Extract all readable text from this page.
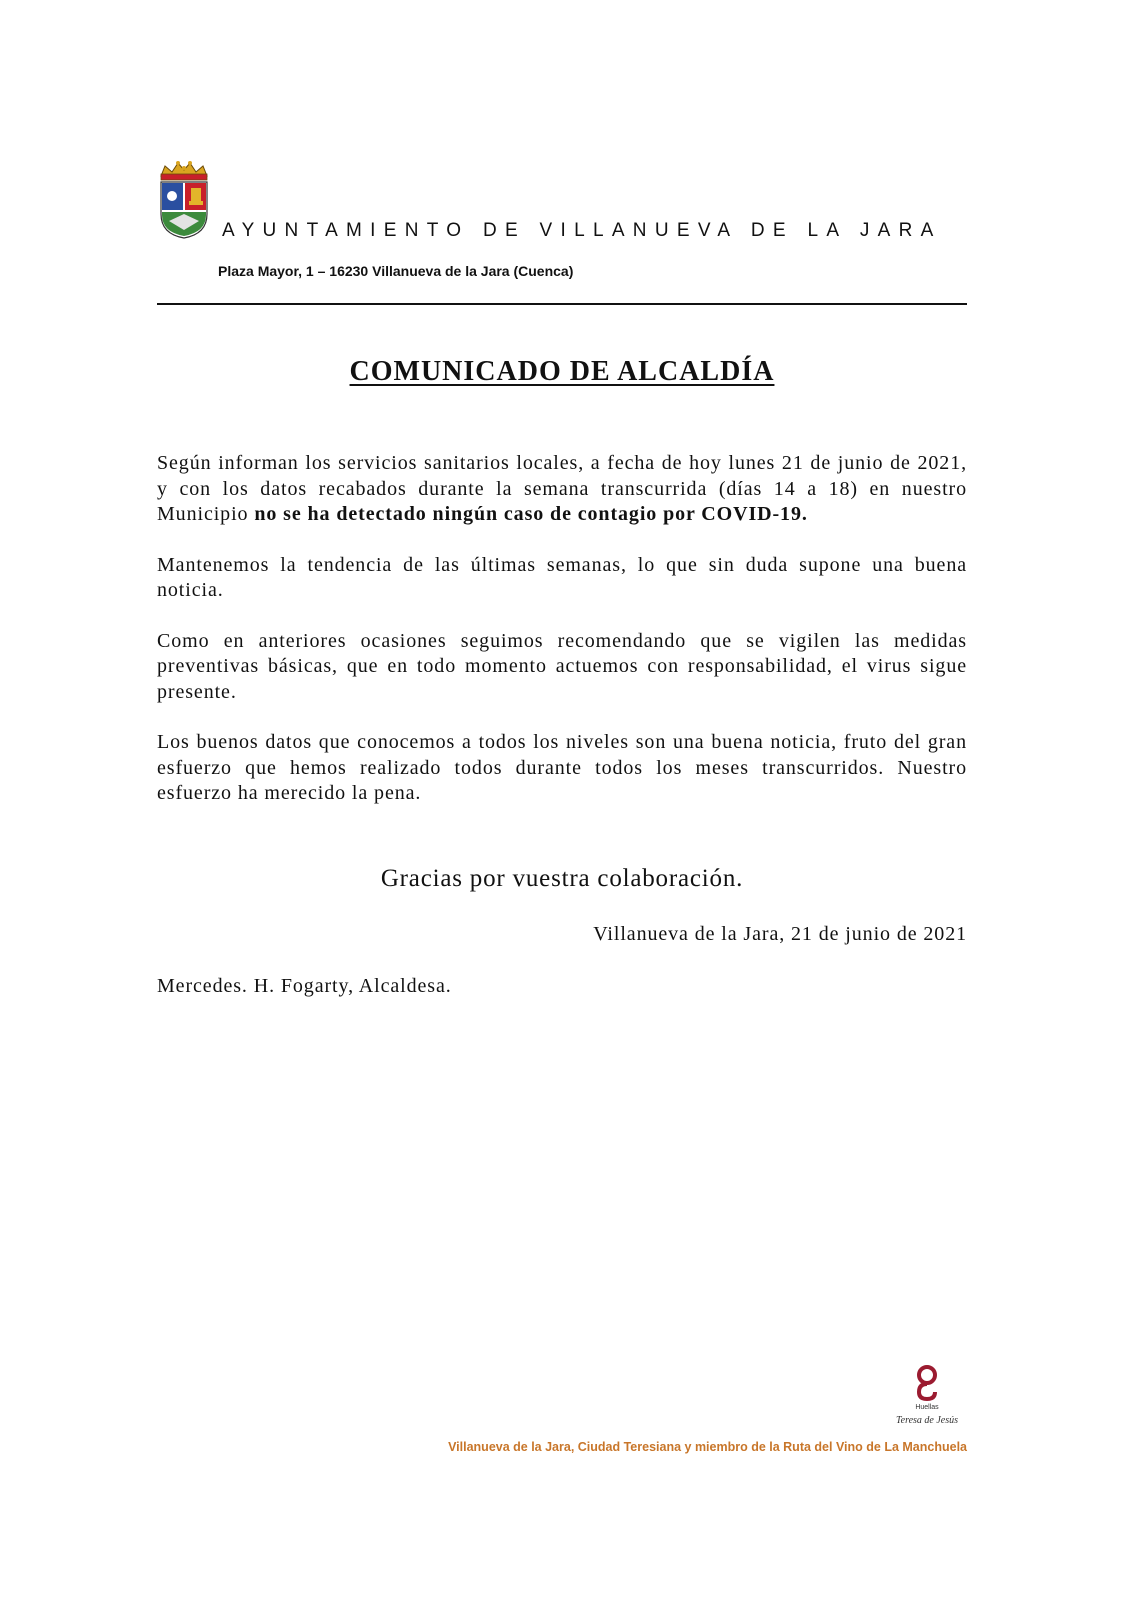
AYUNTAMIENTO DE VILLANUEVA DE LA JARA
Plaza Mayor, 1 – 16230 Villanueva de la Jara (Cuenca)
COMUNICADO DE ALCALDÍA

Según informan los servicios sanitarios locales, a fecha de hoy lunes 21 de junio de 2021, y con los datos recabados durante la semana transcurrida (días 14 a 18) en nuestro Municipio no se ha detectado ningún caso de contagio por COVID-19.

Mantenemos la tendencia de las últimas semanas, lo que sin duda supone una buena noticia.

Como en anteriores ocasiones seguimos recomendando que se vigilen las medidas preventivas básicas, que en todo momento actuemos con responsabilidad, el virus sigue presente.

Los buenos datos que conocemos a todos los niveles son una buena noticia, fruto del gran esfuerzo que hemos realizado todos durante todos los meses transcurridos. Nuestro esfuerzo ha merecido la pena.

Gracias por vuestra colaboración.
Villanueva de la Jara, 21 de junio de 2021
Mercedes. H. Fogarty, Alcaldesa.
Huellas
Teresa de Jesús
Villanueva de la Jara, Ciudad Teresiana y miembro de la Ruta del Vino de La Manchuela
